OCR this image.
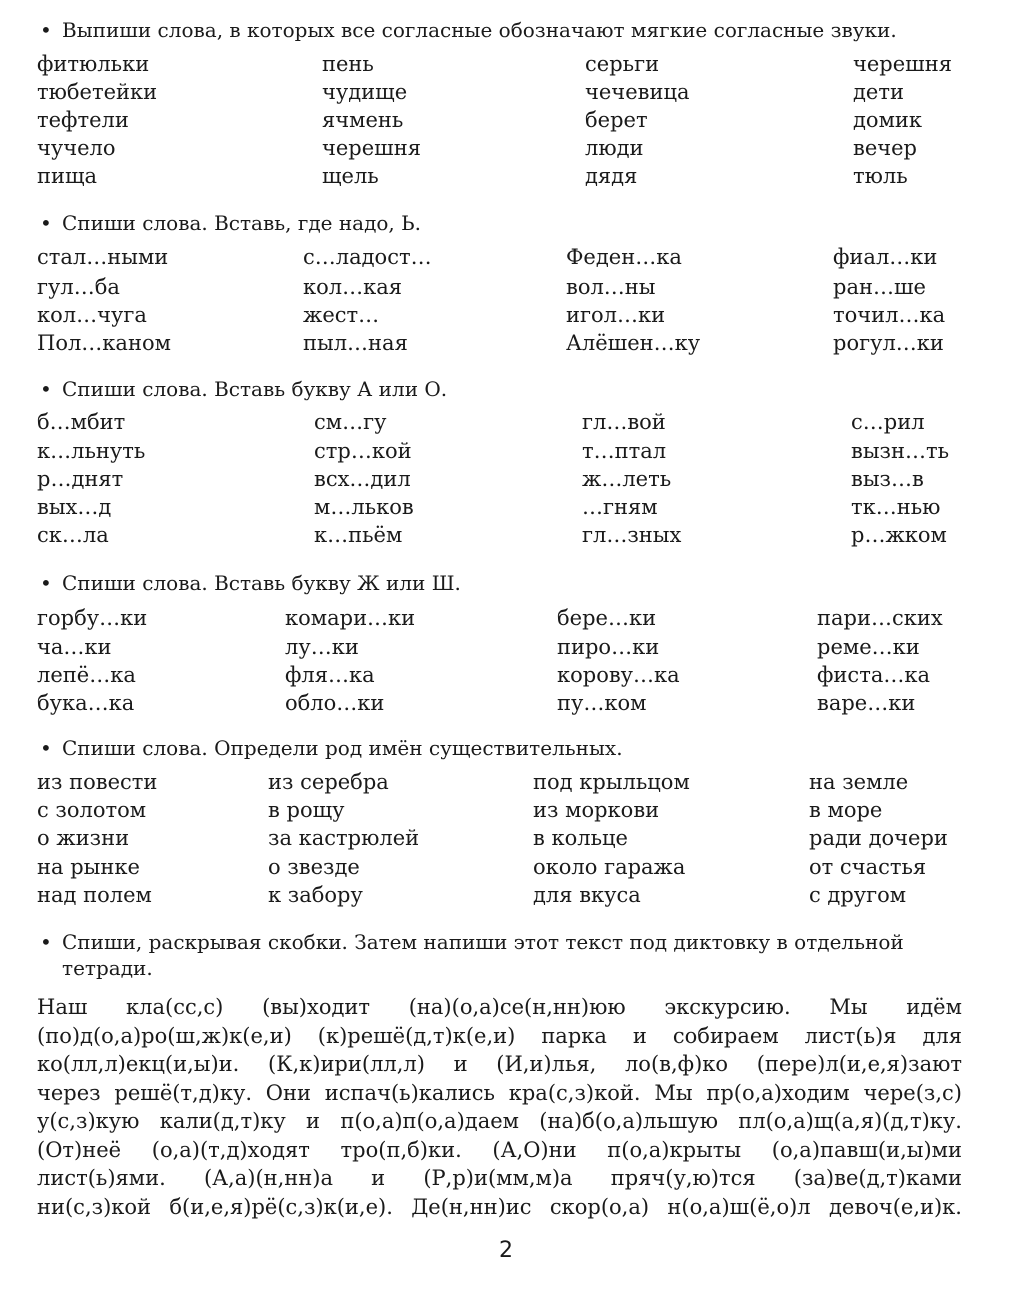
• Выпиши слова, в которых все согласные обозначают мягкие согласные звуки.
фитюльки	пень	серьги	черешня
тюбетейки	чудище	чечевица	дети
тефтели	ячмень	берет	домик
чучело	черешня	люди	вечер
пища	щель	дядя	тюль
• Спиши слова. Вставь, где надо, Ь.
стал…ными	с…ладост…	Феден…ка	фиал…ки
гул…ба	кол…кая	вол…ны	ран…ше
кол…чуга	жест…	игол…ки	точил…ка
Пол…каном	пыл…ная	Алёшен…ку	рогул…ки
• Спиши слова. Вставь букву А или О.
б…мбит	см…гу	гл…вой	с…рил
к…льнуть	стр…кой	т…птал	вызн…ть
р…днят	всх…дил	ж…леть	выз…в
вых…д	м…льков	…гням	тк…нью
ск…ла	к…пьём	гл…зных	р…жком
• Спиши слова. Вставь букву Ж или Ш.
горбу…ки	комари…ки	бере…ки	пари…ских
ча…ки	лу…ки	пиро…ки	реме…ки
лепё…ка	фля…ка	корову…ка	фиста…ка
бука…ка	обло…ки	пу…ком	варе…ки
• Спиши слова. Определи род имён существительных.
из повести	из серебра	под крыльцом	на земле
с золотом	в рощу	из моркови	в море
о жизни	за кастрюлей	в кольце	ради дочери
на рынке	о звезде	около гаража	от счастья
над полем	к забору	для вкуса	с другом
• Спиши, раскрывая скобки. Затем напиши этот текст под диктовку в отдельной
тетради.
Наш кла(сс,с) (вы)ходит (на)(о,а)се(н,нн)юю экскурсию. Мы идём
(по)д(о,а)ро(ш,ж)к(е,и) (к)решё(д,т)к(е,и) парка и собираем лист(ь)я для
ко(лл,л)екц(и,ы)и. (К,к)ири(лл,л) и (И,и)лья, ло(в,ф)ко (пере)л(и,е,я)зают
через решё(т,д)ку. Они испач(ь)кались кра(с,з)кой. Мы пр(о,а)ходим чере(з,с)
у(с,з)кую кали(д,т)ку и п(о,а)п(о,а)даем (на)б(о,а)льшую пл(о,а)щ(а,я)(д,т)ку.
(От)неё (о,а)(т,д)ходят тро(п,б)ки. (А,О)ни п(о,а)крыты (о,а)павш(и,ы)ми
лист(ь)ями. (А,а)(н,нн)а и (Р,р)и(мм,м)а пряч(у,ю)тся (за)ве(д,т)ками
ни(с,з)кой б(и,е,я)рё(с,з)к(и,е). Де(н,нн)ис скор(о,а) н(о,а)ш(ё,о)л девоч(е,и)к.
2
